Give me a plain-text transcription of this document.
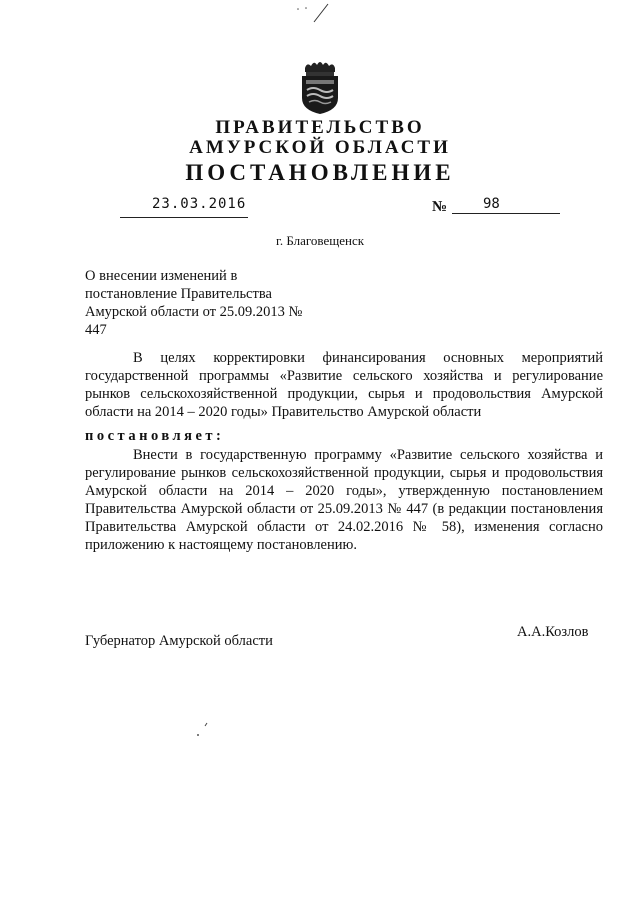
ПРАВИТЕЛЬСТВО
АМУРСКОЙ ОБЛАСТИ
ПОСТАНОВЛЕНИЕ
23.03.2016	№	98
г. Благовещенск
О внесении изменений в постановление Правительства Амурской области от 25.09.2013 № 447
В целях корректировки финансирования основных мероприятий государственной программы «Развитие сельского хозяйства и регулирование рынков сельскохозяйственной продукции, сырья и продовольствия Амурской области на 2014 – 2020 годы» Правительство Амурской области
постановляет:
Внести в государственную программу «Развитие сельского хозяйства и регулирование рынков сельскохозяйственной продукции, сырья и продовольствия Амурской области на 2014 – 2020 годы», утвержденную постановлением Правительства Амурской области от 25.09.2013 № 447 (в редакции постановления Правительства Амурской области от 24.02.2016 № 58), изменения согласно приложению к настоящему постановлению.
Губернатор Амурской области
А.А.Козлов
